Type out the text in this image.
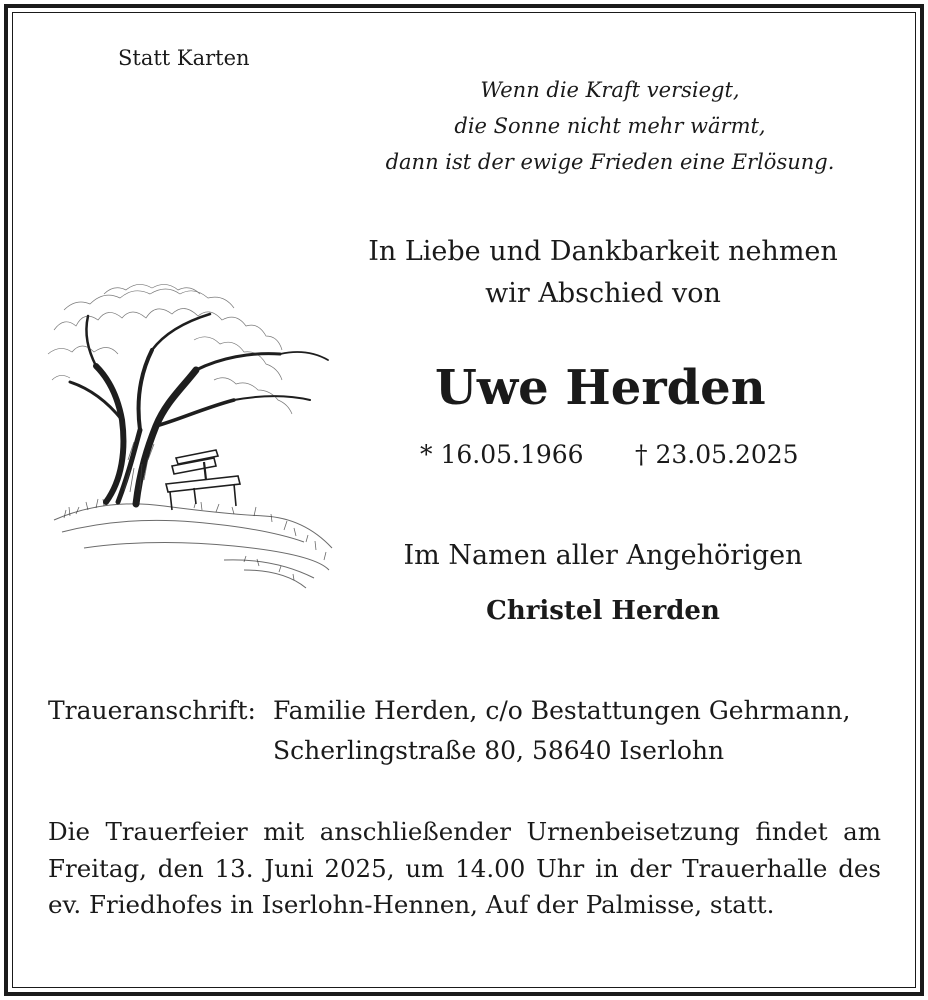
Statt Karten
Wenn die Kraft versiegt,
die Sonne nicht mehr wärmt,
dann ist der ewige Frieden eine Erlösung.
In Liebe und Dankbarkeit nehmen
wir Abschied von
Uwe Herden
* 16.05.1966 † 23.05.2025
Im Namen aller Angehörigen
Christel Herden
Traueranschrift: Familie Herden, c/o Bestattungen Gehrmann,
Scherlingstraße 80, 58640 Iserlohn
Die Trauerfeier mit anschließender Urnenbeisetzung findet am Freitag, den 13. Juni 2025, um 14.00 Uhr in der Trauerhalle des ev. Friedhofes in Iserlohn-Hennen, Auf der Palmisse, statt.
